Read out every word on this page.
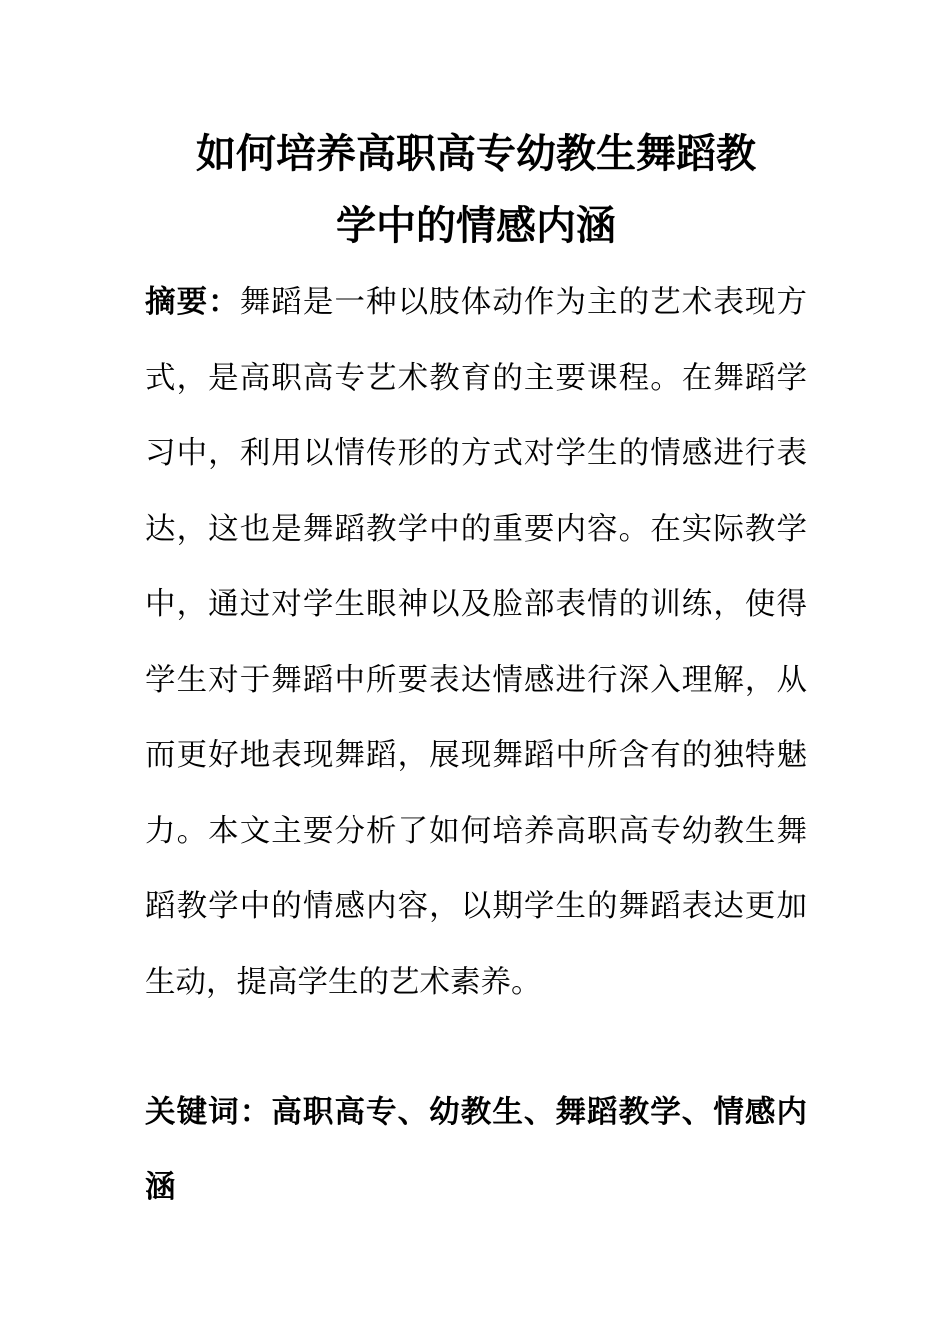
如何培养高职高专幼教生舞蹈教
学中的情感内涵

摘要：舞蹈是一种以肢体动作为主的艺术表现方式，是高职高专艺术教育的主要课程。在舞蹈学习中，利用以情传形的方式对学生的情感进行表达，这也是舞蹈教学中的重要内容。在实际教学中，通过对学生眼神以及脸部表情的训练，使得学生对于舞蹈中所要表达情感进行深入理解，从而更好地表现舞蹈，展现舞蹈中所含有的独特魅力。本文主要分析了如何培养高职高专幼教生舞蹈教学中的情感内容，以期学生的舞蹈表达更加生动，提高学生的艺术素养。

关键词：高职高专、幼教生、舞蹈教学、情感内涵
